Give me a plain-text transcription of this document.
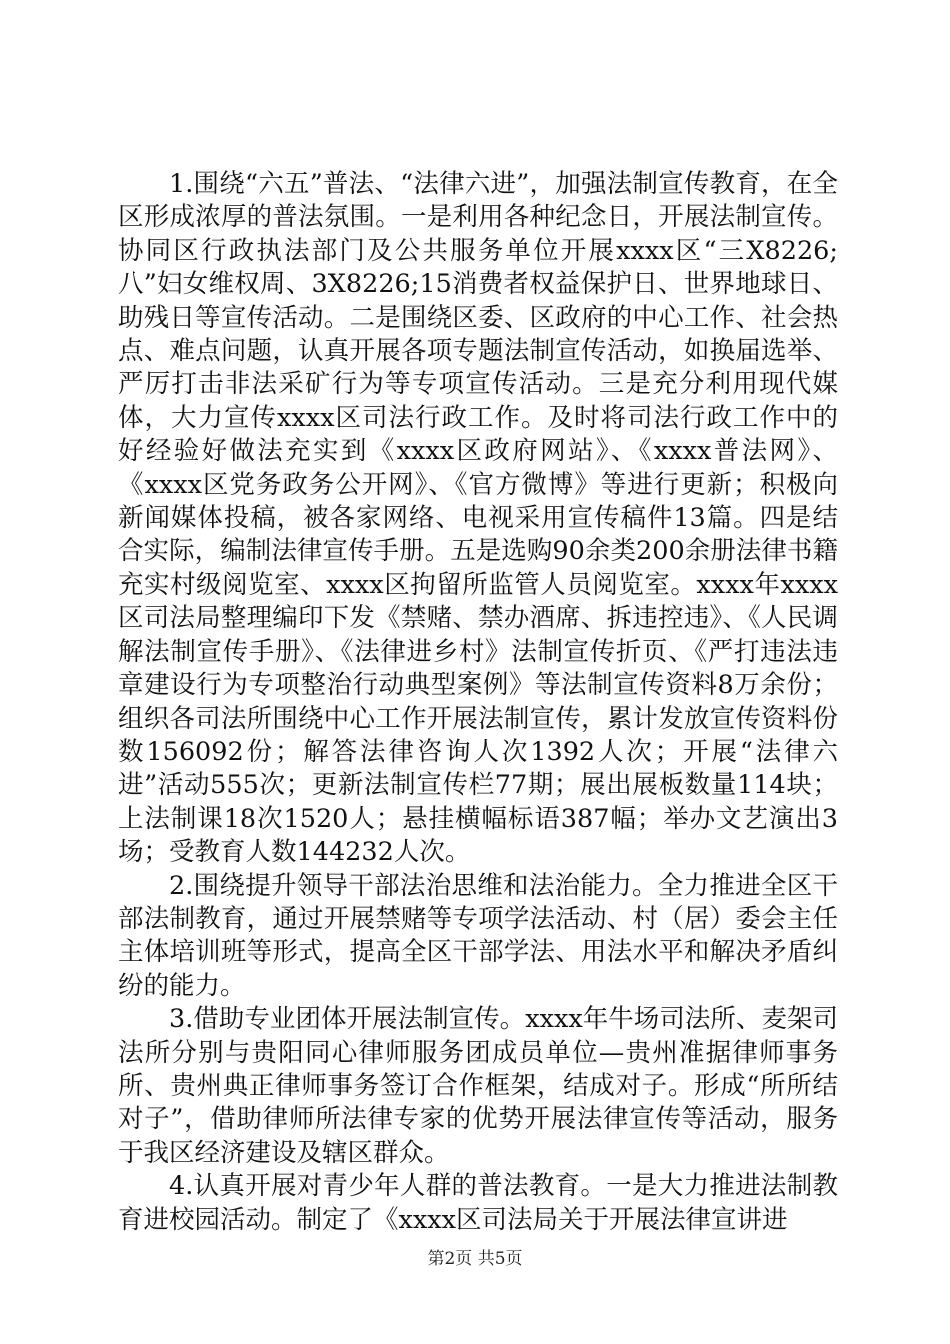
1.围绕“六五”普法、“法律六进”，加强法制宣传教育，在全区形成浓厚的普法氛围。一是利用各种纪念日，开展法制宣传。协同区行政执法部门及公共服务单位开展xxxx区“三X8226;八”妇女维权周、3X8226;15消费者权益保护日、世界地球日、助残日等宣传活动。二是围绕区委、区政府的中心工作、社会热点、难点问题，认真开展各项专题法制宣传活动，如换届选举、严厉打击非法采矿行为等专项宣传活动。三是充分利用现代媒体，大力宣传xxxx区司法行政工作。及时将司法行政工作中的好经验好做法充实到《xxxx区政府网站》、《xxxx普法网》、《xxxx区党务政务公开网》、《官方微博》等进行更新；积极向新闻媒体投稿，被各家网络、电视采用宣传稿件13篇。四是结合实际，编制法律宣传手册。五是选购90余类200余册法律书籍充实村级阅览室、xxxx区拘留所监管人员阅览室。xxxx年xxxx区司法局整理编印下发《禁赌、禁办酒席、拆违控违》、《人民调解法制宣传手册》、《法律进乡村》法制宣传折页、《严打违法违章建设行为专项整治行动典型案例》等法制宣传资料8万余份；组织各司法所围绕中心工作开展法制宣传，累计发放宣传资料份数156092份；解答法律咨询人次1392人次；开展“法律六进”活动555次；更新法制宣传栏77期；展出展板数量114块；上法制课18次1520人；悬挂横幅标语387幅；举办文艺演出3场；受教育人数144232人次。

2.围绕提升领导干部法治思维和法治能力。全力推进全区干部法制教育，通过开展禁赌等专项学法活动、村（居）委会主任主体培训班等形式，提高全区干部学法、用法水平和解决矛盾纠纷的能力。

3.借助专业团体开展法制宣传。xxxx年牛场司法所、麦架司法所分别与贵阳同心律师服务团成员单位—贵州准据律师事务所、贵州典正律师事务签订合作框架，结成对子。形成“所所结对子”，借助律师所法律专家的优势开展法律宣传等活动，服务于我区经济建设及辖区群众。

4.认真开展对青少年人群的普法教育。一是大力推进法制教育进校园活动。制定了《xxxx区司法局关于开展法律宣讲进

第2页 共5页
